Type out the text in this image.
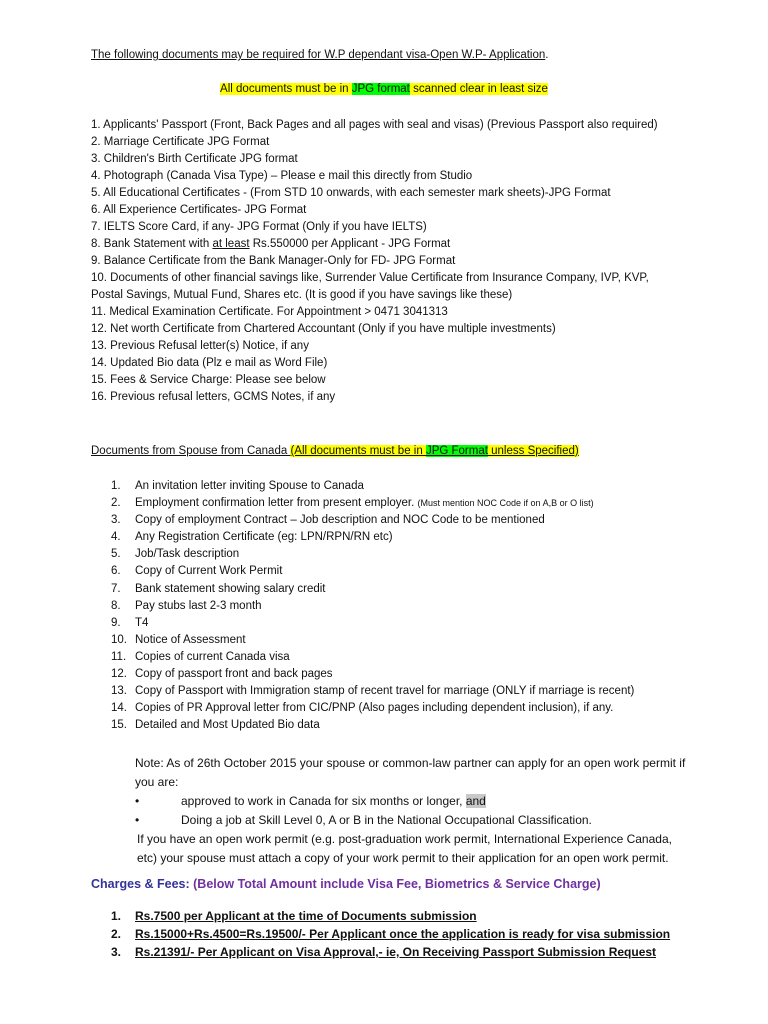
The following documents may be required for W.P dependant visa-Open W.P- Application.
All documents must be in JPG format scanned clear in least size
1. Applicants' Passport (Front, Back Pages and all pages with seal and visas) (Previous Passport also required)
2. Marriage Certificate JPG Format
3. Children's Birth Certificate JPG format
4. Photograph (Canada Visa Type) – Please e mail this directly from Studio
5. All Educational Certificates - (From STD 10 onwards, with each semester mark sheets)-JPG Format
6. All Experience Certificates- JPG Format
7. IELTS Score Card, if any- JPG Format (Only if you have IELTS)
8. Bank Statement with at least Rs.550000 per Applicant - JPG Format
9. Balance Certificate from the Bank Manager-Only for FD- JPG Format
10. Documents of other financial savings like, Surrender Value Certificate from Insurance Company, IVP, KVP,
Postal Savings, Mutual Fund, Shares etc. (It is good if you have savings like these)
11. Medical Examination Certificate. For Appointment > 0471 3041313
12. Net worth Certificate from Chartered Accountant (Only if you have multiple investments)
13. Previous Refusal letter(s) Notice, if any
14. Updated Bio data (Plz e mail as Word File)
15. Fees & Service Charge: Please see below
16. Previous refusal letters, GCMS Notes, if any
Documents from Spouse from Canada (All documents must be in JPG Format unless Specified)
1. An invitation letter inviting Spouse to Canada
2. Employment confirmation letter from present employer. (Must mention NOC Code if on A,B or O list)
3. Copy of employment Contract – Job description and NOC Code to be mentioned
4. Any Registration Certificate (eg: LPN/RPN/RN etc)
5. Job/Task description
6. Copy of Current Work Permit
7. Bank statement showing salary credit
8. Pay stubs last 2-3 month
9. T4
10. Notice of Assessment
11. Copies of current Canada visa
12. Copy of passport front and back pages
13. Copy of Passport with Immigration stamp of recent travel for marriage (ONLY if marriage is recent)
14. Copies of PR Approval letter from CIC/PNP (Also pages including dependent inclusion), if any.
15. Detailed and Most Updated Bio data
Note: As of 26th October 2015 your spouse or common-law partner can apply for an open work permit if you are:
•	approved to work in Canada for six months or longer, and
•	Doing a job at Skill Level 0, A or B in the National Occupational Classification.
If you have an open work permit (e.g. post-graduation work permit, International Experience Canada, etc) your spouse must attach a copy of your work permit to their application for an open work permit.
Charges & Fees: (Below Total Amount include Visa Fee, Biometrics & Service Charge)
1. Rs.7500 per Applicant at the time of Documents submission
2. Rs.15000+Rs.4500=Rs.19500/- Per Applicant once the application is ready for visa submission
3. Rs.21391/- Per Applicant on Visa Approval,- ie, On Receiving Passport Submission Request
